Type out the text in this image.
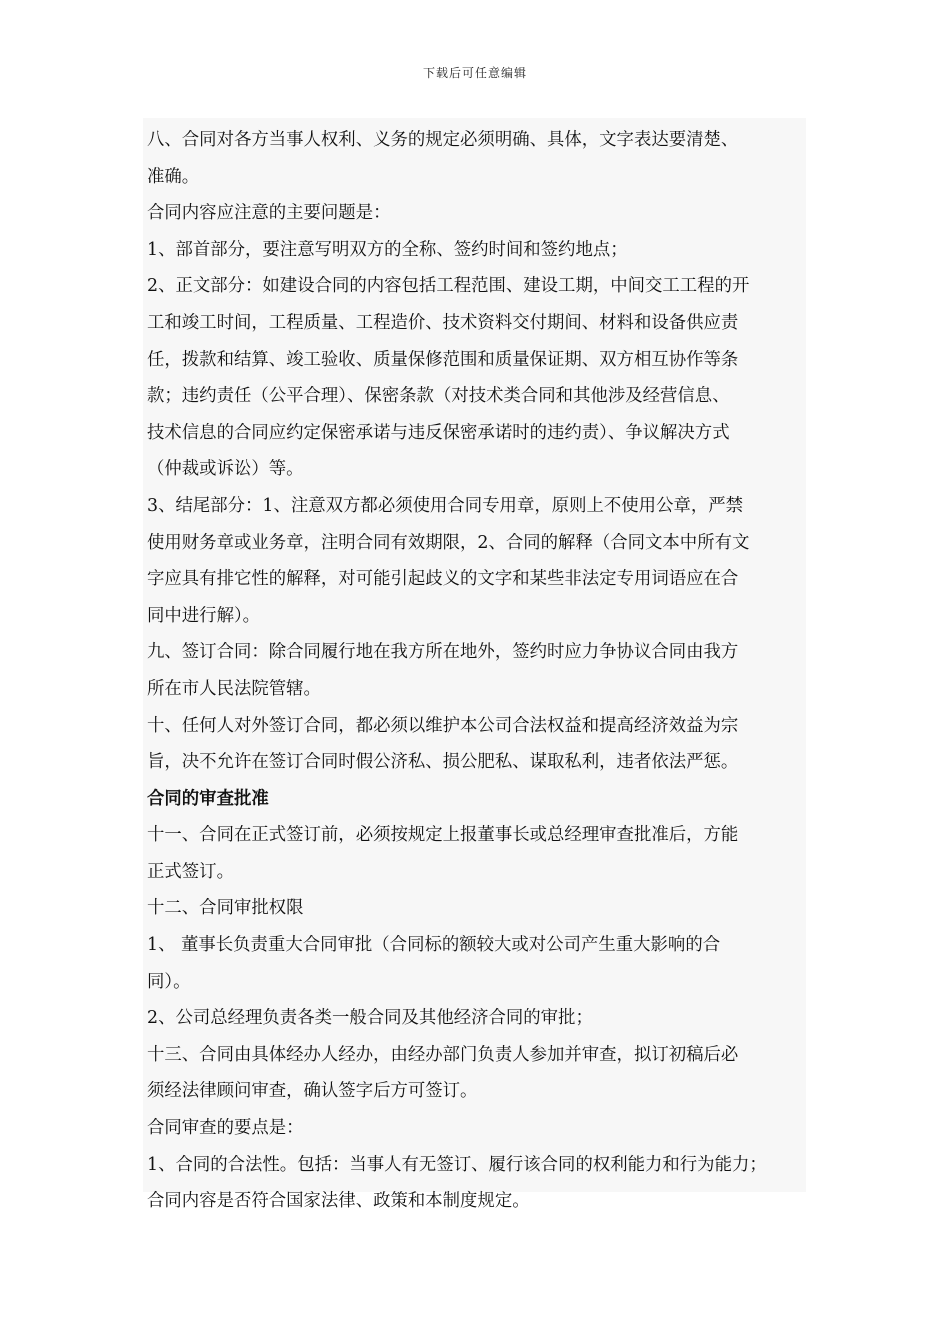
下载后可任意编辑
八、合同对各方当事人权利、义务的规定必须明确、具体，文字表达要清楚、
准确。
合同内容应注意的主要问题是：
1、部首部分，要注意写明双方的全称、签约时间和签约地点；
2、正文部分：如建设合同的内容包括工程范围、建设工期，中间交工工程的开
工和竣工时间，工程质量、工程造价、技术资料交付期间、材料和设备供应责
任，拨款和结算、竣工验收、质量保修范围和质量保证期、双方相互协作等条
款；违约责任（公平合理）、保密条款（对技术类合同和其他涉及经营信息、
技术信息的合同应约定保密承诺与违反保密承诺时的违约责）、争议解决方式
（仲裁或诉讼）等。
3、结尾部分：1、注意双方都必须使用合同专用章，原则上不使用公章，严禁
使用财务章或业务章，注明合同有效期限，2、合同的解释（合同文本中所有文
字应具有排它性的解释，对可能引起歧义的文字和某些非法定专用词语应在合
同中进行解）。
九、签订合同：除合同履行地在我方所在地外，签约时应力争协议合同由我方
所在市人民法院管辖。
十、任何人对外签订合同，都必须以维护本公司合法权益和提高经济效益为宗
旨，决不允许在签订合同时假公济私、损公肥私、谋取私利，违者依法严惩。
合同的审查批准
十一、合同在正式签订前，必须按规定上报董事长或总经理审查批准后，方能
正式签订。
十二、合同审批权限
1、 董事长负责重大合同审批（合同标的额较大或对公司产生重大影响的合
同）。
2、公司总经理负责各类一般合同及其他经济合同的审批；
十三、合同由具体经办人经办，由经办部门负责人参加并审查，拟订初稿后必
须经法律顾问审查，确认签字后方可签订。
合同审查的要点是：
1、合同的合法性。包括：当事人有无签订、履行该合同的权利能力和行为能力；
合同内容是否符合国家法律、政策和本制度规定。
